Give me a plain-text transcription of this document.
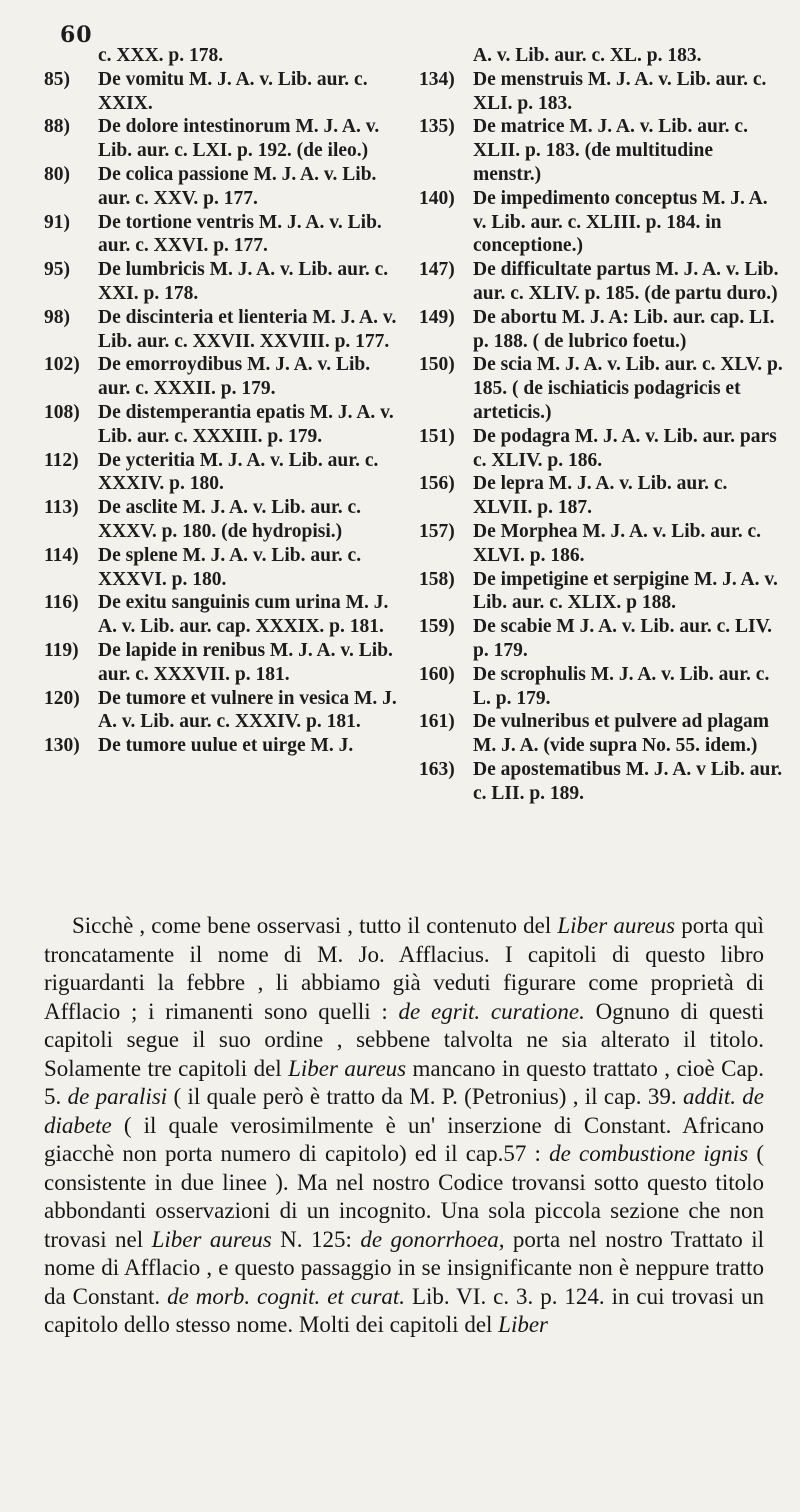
60
c. XXX. p. 178.
85)	De vomitu M. J. A. v. Lib. aur. c. XXIX.
88)	De dolore intestinorum M. J. A. v. Lib. aur. c. LXI. p. 192. (de ileo.)
80)	De colica passione M. J. A. v. Lib. aur. c. XXV. p. 177.
91)	De tortione ventris M. J. A. v. Lib. aur. c. XXVI. p. 177.
95)	De lumbricis M. J. A. v. Lib. aur. c. XXI. p. 178.
98)	De discinteria et lienteria M. J. A. v. Lib. aur. c. XXVII. XXVIII. p. 177.
102) De emorroydibus M. J. A. v. Lib. aur. c. XXXII. p. 179.
108) De distemperantia epatis M. J. A. v. Lib. aur. c. XXXIII. p. 179.
112) De ycteritia M. J. A. v. Lib. aur. c. XXXIV. p. 180.
113) De asclite M. J. A. v. Lib. aur. c. XXXV. p. 180. (de hydropisi.)
114) De splene M. J. A. v. Lib. aur. c. XXXVI. p. 180.
116) De exitu sanguinis cum urina M. J. A. v. Lib. aur. cap. XXXIX. p. 181.
119) De lapide in renibus M. J. A. v. Lib. aur. c. XXXVII. p. 181.
120) De tumore et vulnere in vesica M. J. A. v. Lib. aur. c. XXXIV. p. 181.
130) De tumore uulue et uirge M. J.
A. v. Lib. aur. c. XL. p. 183.
134) De menstruis M. J. A. v. Lib. aur. c. XLI. p. 183.
135) De matrice M. J. A. v. Lib. aur. c. XLII. p. 183. (de multitudine menstr.)
140) De impedimento conceptus M. J. A. v. Lib. aur. c. XLIII. p. 184. in conceptione.)
147) De difficultate partus M. J. A. v. Lib. aur. c. XLIV. p. 185. (de partu duro.)
149) De abortu M. J. A: Lib. aur. cap. LI. p. 188. ( de lubrico foetu.)
150) De scia M. J. A. v. Lib. aur. c. XLV. p. 185. ( de ischiaticis podagricis et arteticis.)
151) De podagra M. J. A. v. Lib. aur. pars c. XLIV. p. 186.
156) De lepra M. J. A. v. Lib. aur. c. XLVII. p. 187.
157) De Morphea M. J. A. v. Lib. aur. c. XLVI. p. 186.
158) De impetigine et serpigine M. J. A. v. Lib. aur. c. XLIX. p 188.
159) De scabie M J. A. v. Lib. aur. c. LIV. p. 179.
160) De scrophulis M. J. A. v. Lib. aur. c. L. p. 179.
161) De vulneribus et pulvere ad plagam M. J. A. (vide supra No. 55. idem.)
163) De apostematibus M. J. A. v Lib. aur. c. LII. p. 189.
Sicchè , come bene osservasi , tutto il contenuto del Liber aureus porta quì troncatamente il nome di M. Jo. Afflacius. I capitoli di questo libro riguardanti la febbre , li abbiamo già veduti figurare come proprietà di Afflacio ; i rimanenti sono quelli : de egrit. curatione. Ognuno di questi capitoli segue il suo ordine , sebbene talvolta ne sia alterato il titolo. Solamente tre capitoli del Liber aureus mancano in questo trattato , cioè Cap. 5. de paralisi ( il quale però è tratto da M. P. (Petronius) , il cap. 39. addit. de diabete ( il quale verosimilmente è un' inserzione di Constant. Africano giacchè non porta numero di capitolo) ed il cap.57 : de combustione ignis ( consistente in due linee ). Ma nel nostro Codice trovansi sotto questo titolo abbondanti osservazioni di un incognito. Una sola piccola sezione che non trovasi nel Liber aureus N. 125: de gonorrhoea, porta nel nostro Trattato il nome di Afflacio , e questo passaggio in se insignificante non è neppure tratto da Constant. de morb. cognit. et curat. Lib. VI. c. 3. p. 124. in cui trovasi un capitolo dello stesso nome. Molti dei capitoli del Liber
